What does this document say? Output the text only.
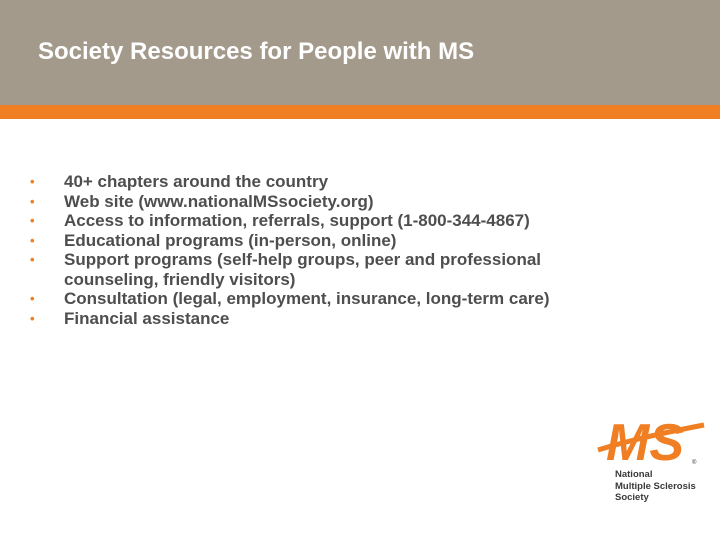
Society Resources for People with MS
• 40+ chapters around the country
• Web site (www.nationalMSsociety.org)
• Access to information, referrals, support (1-800-344-4867)
• Educational programs (in-person, online)
• Support programs (self-help groups, peer and professional
counseling, friendly visitors)
• Consultation (legal, employment, insurance, long-term care)
• Financial assistance
MS ®
National
Multiple Sclerosis
Society
